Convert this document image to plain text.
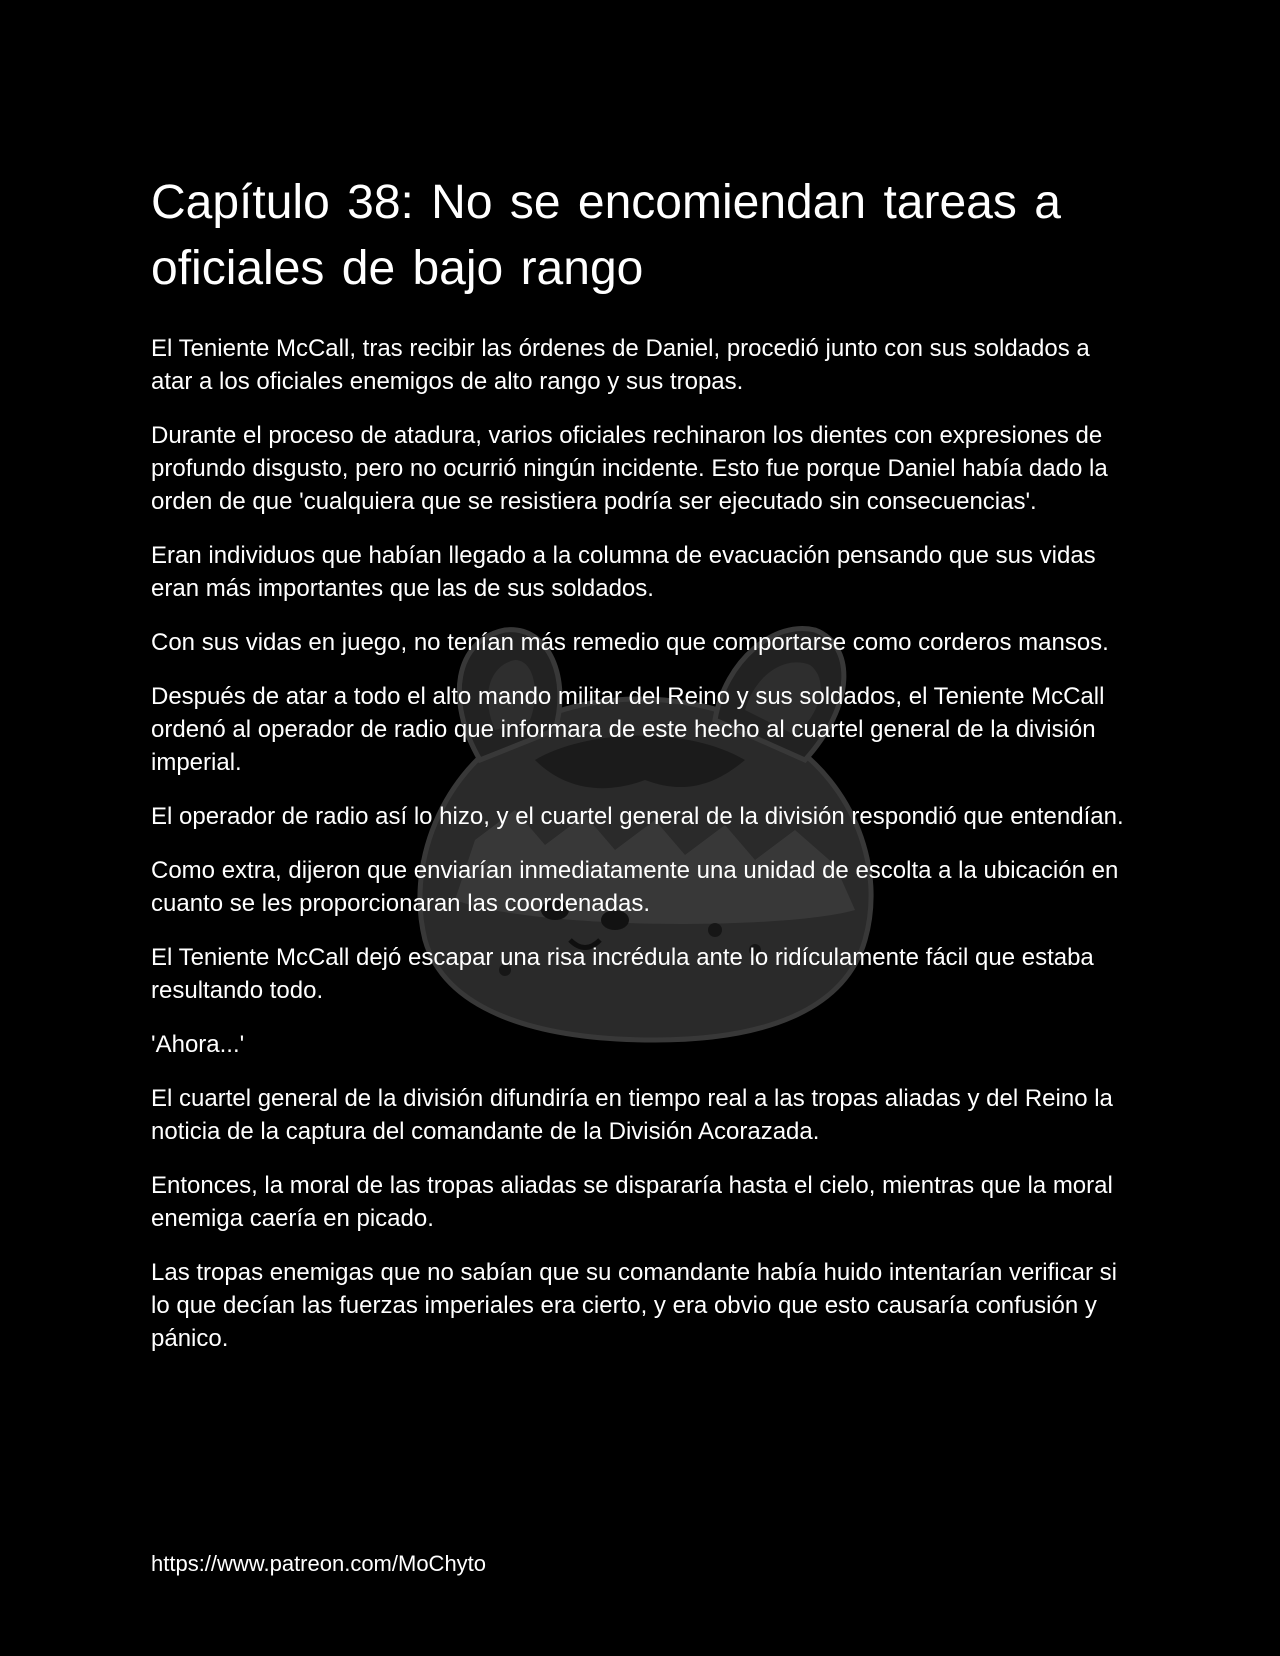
Capítulo 38: No se encomiendan tareas a oficiales de bajo rango

El Teniente McCall, tras recibir las órdenes de Daniel, procedió junto con sus soldados a atar a los oficiales enemigos de alto rango y sus tropas.

Durante el proceso de atadura, varios oficiales rechinaron los dientes con expresiones de profundo disgusto, pero no ocurrió ningún incidente. Esto fue porque Daniel había dado la orden de que 'cualquiera que se resistiera podría ser ejecutado sin consecuencias'.

Eran individuos que habían llegado a la columna de evacuación pensando que sus vidas eran más importantes que las de sus soldados.

Con sus vidas en juego, no tenían más remedio que comportarse como corderos mansos.

Después de atar a todo el alto mando militar del Reino y sus soldados, el Teniente McCall ordenó al operador de radio que informara de este hecho al cuartel general de la división imperial.

El operador de radio así lo hizo, y el cuartel general de la división respondió que entendían.

Como extra, dijeron que enviarían inmediatamente una unidad de escolta a la ubicación en cuanto se les proporcionaran las coordenadas.

El Teniente McCall dejó escapar una risa incrédula ante lo ridículamente fácil que estaba resultando todo.

'Ahora...'

El cuartel general de la división difundiría en tiempo real a las tropas aliadas y del Reino la noticia de la captura del comandante de la División Acorazada.

Entonces, la moral de las tropas aliadas se dispararía hasta el cielo, mientras que la moral enemiga caería en picado.

Las tropas enemigas que no sabían que su comandante había huido intentarían verificar si lo que decían las fuerzas imperiales era cierto, y era obvio que esto causaría confusión y pánico.

https://www.patreon.com/MoChyto
